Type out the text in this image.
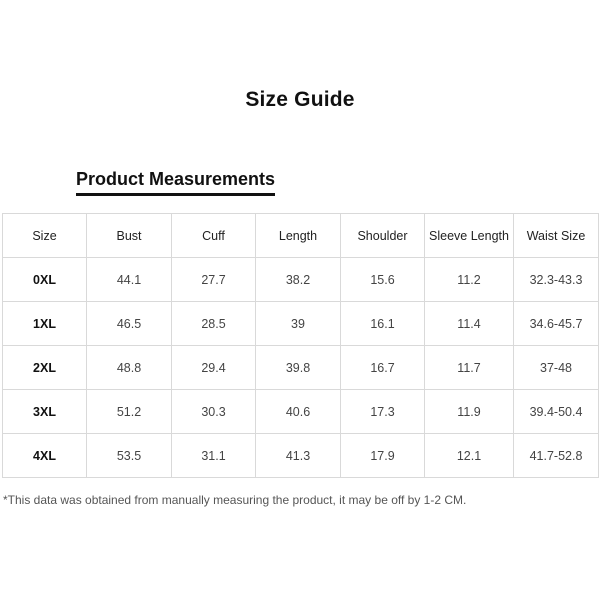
Size Guide
Product Measurements
Size	Bust	Cuff	Length	Shoulder	Sleeve Length	Waist Size
0XL	44.1	27.7	38.2	15.6	11.2	32.3-43.3
1XL	46.5	28.5	39	16.1	11.4	34.6-45.7
2XL	48.8	29.4	39.8	16.7	11.7	37-48
3XL	51.2	30.3	40.6	17.3	11.9	39.4-50.4
4XL	53.5	31.1	41.3	17.9	12.1	41.7-52.8
*This data was obtained from manually measuring the product, it may be off by 1-2 CM.
